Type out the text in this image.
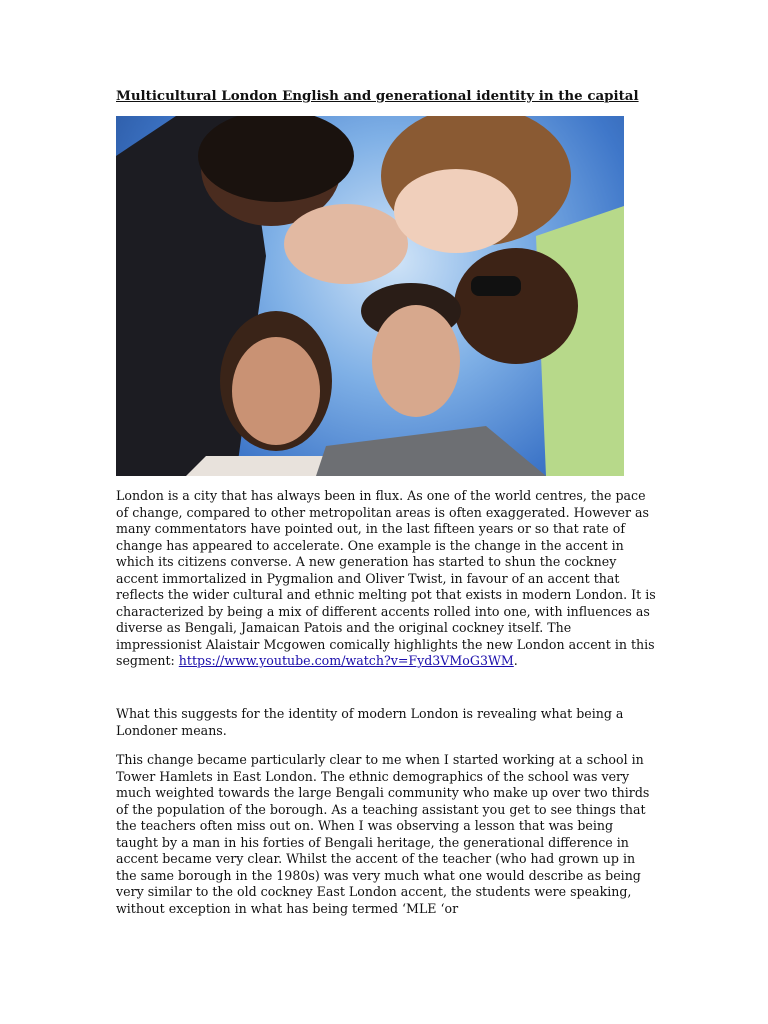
Multicultural London English and generational identity in the capital
London is a city that has always been in flux. As one of the world centres, the pace of change, compared to other metropolitan areas is often exaggerated. However as many commentators have pointed out, in the last fifteen years or so that rate of change has appeared to accelerate. One example is the change in the accent in which its citizens converse. A new generation has started to shun the cockney accent immortalized in Pygmalion and Oliver Twist, in favour of an accent that reflects the wider cultural and ethnic melting pot that exists in modern London. It is characterized by being a mix of different accents rolled into one, with influences as diverse as Bengali, Jamaican Patois and the original cockney itself. The impressionist Alaistair Mcgowen comically highlights the new London accent in this segment: https://www.youtube.com/watch?v=Fyd3VMoG3WM.
What this suggests for the identity of modern London is revealing what being a Londoner means.
This change became particularly clear to me when I started working at a school in Tower Hamlets in East London. The ethnic demographics of the school was very much weighted towards the large Bengali community who make up over two thirds of the population of the borough. As a teaching assistant you get to see things that the teachers often miss out on. When I was observing a lesson that was being taught by a man in his forties of Bengali heritage, the generational difference in accent became very clear. Whilst the accent of the teacher (who had grown up in the same borough in the 1980s) was very much what one would describe as being very similar to the old cockney East London accent, the students were speaking, without exception in what has being termed ‘MLE ‘or
